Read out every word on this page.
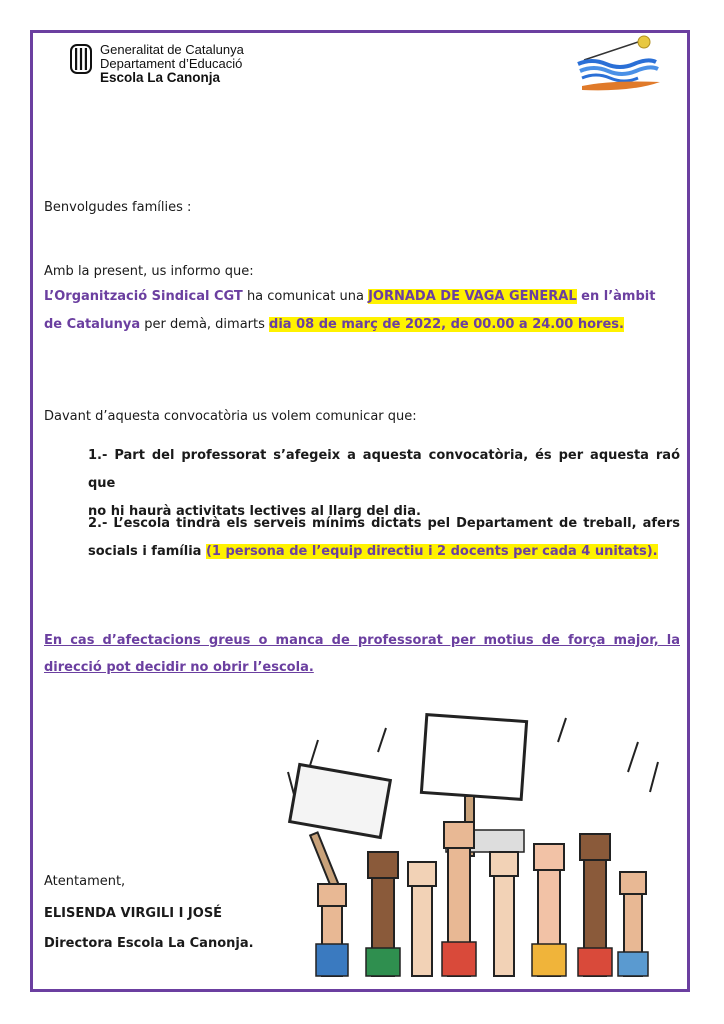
Generalitat de Catalunya
Departament d’Educació
Escola La Canonja
Benvolgudes famílies :
Amb la present, us informo que:
L’Organització Sindical CGT ha comunicat una JORNADA DE VAGA GENERAL en l’àmbit
de Catalunya per demà, dimarts dia 08 de març de 2022, de 00.00 a 24.00 hores.
Davant d’aquesta convocatòria us volem comunicar que:
1.- Part del professorat s’afegeix a aquesta convocatòria, és per aquesta raó que
no hi haurà activitats lectives al llarg del dia.
2.- L’escola tindrà els serveis mínims dictats pel Departament de treball, afers
socials i família (1 persona de l’equip directiu i 2 docents per cada 4 unitats).
En cas d’afectacions greus o manca de professorat per motius de força major, la
direcció pot decidir no obrir l’escola.
Atentament,
ELISENDA VIRGILI I JOSÉ
Directora Escola La Canonja.
